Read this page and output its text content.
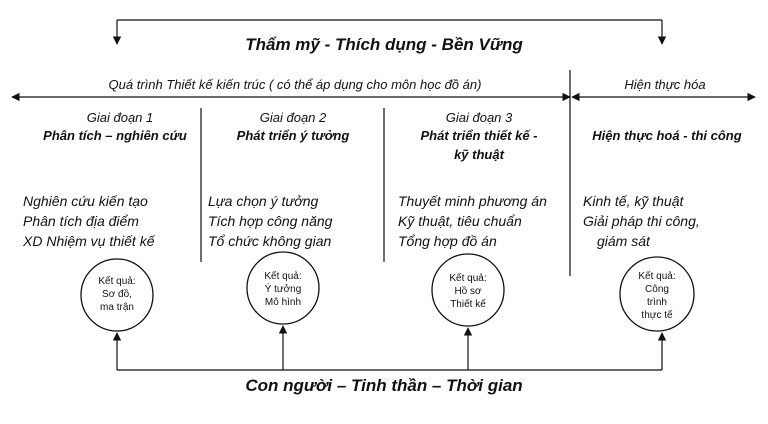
Thẩm mỹ - Thích dụng - Bền Vững
Quá trình Thiết kế kiến trúc ( có thể áp dụng cho môn học đồ án)	Hiện thực hóa
Giai đoạn 1
Phân tích – nghiên cứu
Nghiên cứu kiến tạo
Phân tích địa điểm
XD Nhiệm vụ thiết kế
Kết quả:
Sơ đồ,
ma trận
Giai đoạn 2
Phát triển ý tưởng
Lựa chọn ý tưởng
Tích hợp công năng
Tổ chức không gian
Kết quả:
Ý tưởng
Mô hình
Giai đoạn 3
Phát triển thiết kế -
kỹ thuật
Thuyết minh phương án
Kỹ thuật, tiêu chuẩn
Tổng hợp đồ án
Kết quả:
Hồ sơ
Thiết kế
Hiện thực hoá - thi công
Kinh tế, kỹ thuật
Giải pháp thi công,
giám sát
Kết quả:
Công
trình
thực tế
Con người – Tinh thần – Thời gian
